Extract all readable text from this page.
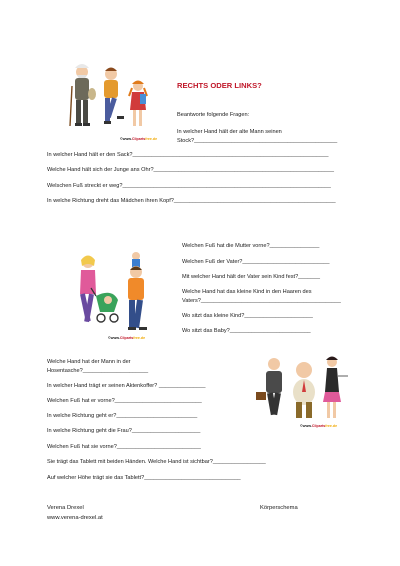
©www.Clipartsfree.de
RECHTS ODER LINKS?

Beantworte folgende Fragen:

In welcher Hand hält der alte Mann seinen

Stock?______________________________________________

In welcher Hand hält er den Sack?_______________________________________________________________

Welche Hand hält sich der Junge ans Ohr?__________________________________________________________

Welschen Fuß streckt er weg?___________________________________________________________________

In welche Richtung dreht das Mädchen ihren Kopf?____________________________________________________

©www.Clipartsfree.de

Welchen Fuß hat die Mutter vorne?________________

Welchen Fuß der Vater?____________________________

Mit welcher Hand hält der Vater sein Kind fest?_______

Welche Hand hat das kleine Kind in den Haaren des

Vaters?_____________________________________________

Wo sitzt das kleine Kind?______________________

Wo sitzt das Baby?__________________________

Welche Hand hat der Mann in der

Hosentasche?_____________________

In welcher Hand trägt er seinen Aktenkoffer? _______________

Welchen Fuß hat er vorne?____________________________

In welche Richtung geht er?__________________________

In welche Richtung geht die Frau?______________________

Welchen Fuß hat sie vorne?___________________________

Sie trägt das Tablett mit beiden Händen. Welche Hand ist sichtbar?_________________

Auf welcher Höhe trägt sie das Tablett?_______________________________

©www.Clipartsfree.de
Verena Drexel
www.verena-drexel.at
Körperschema
